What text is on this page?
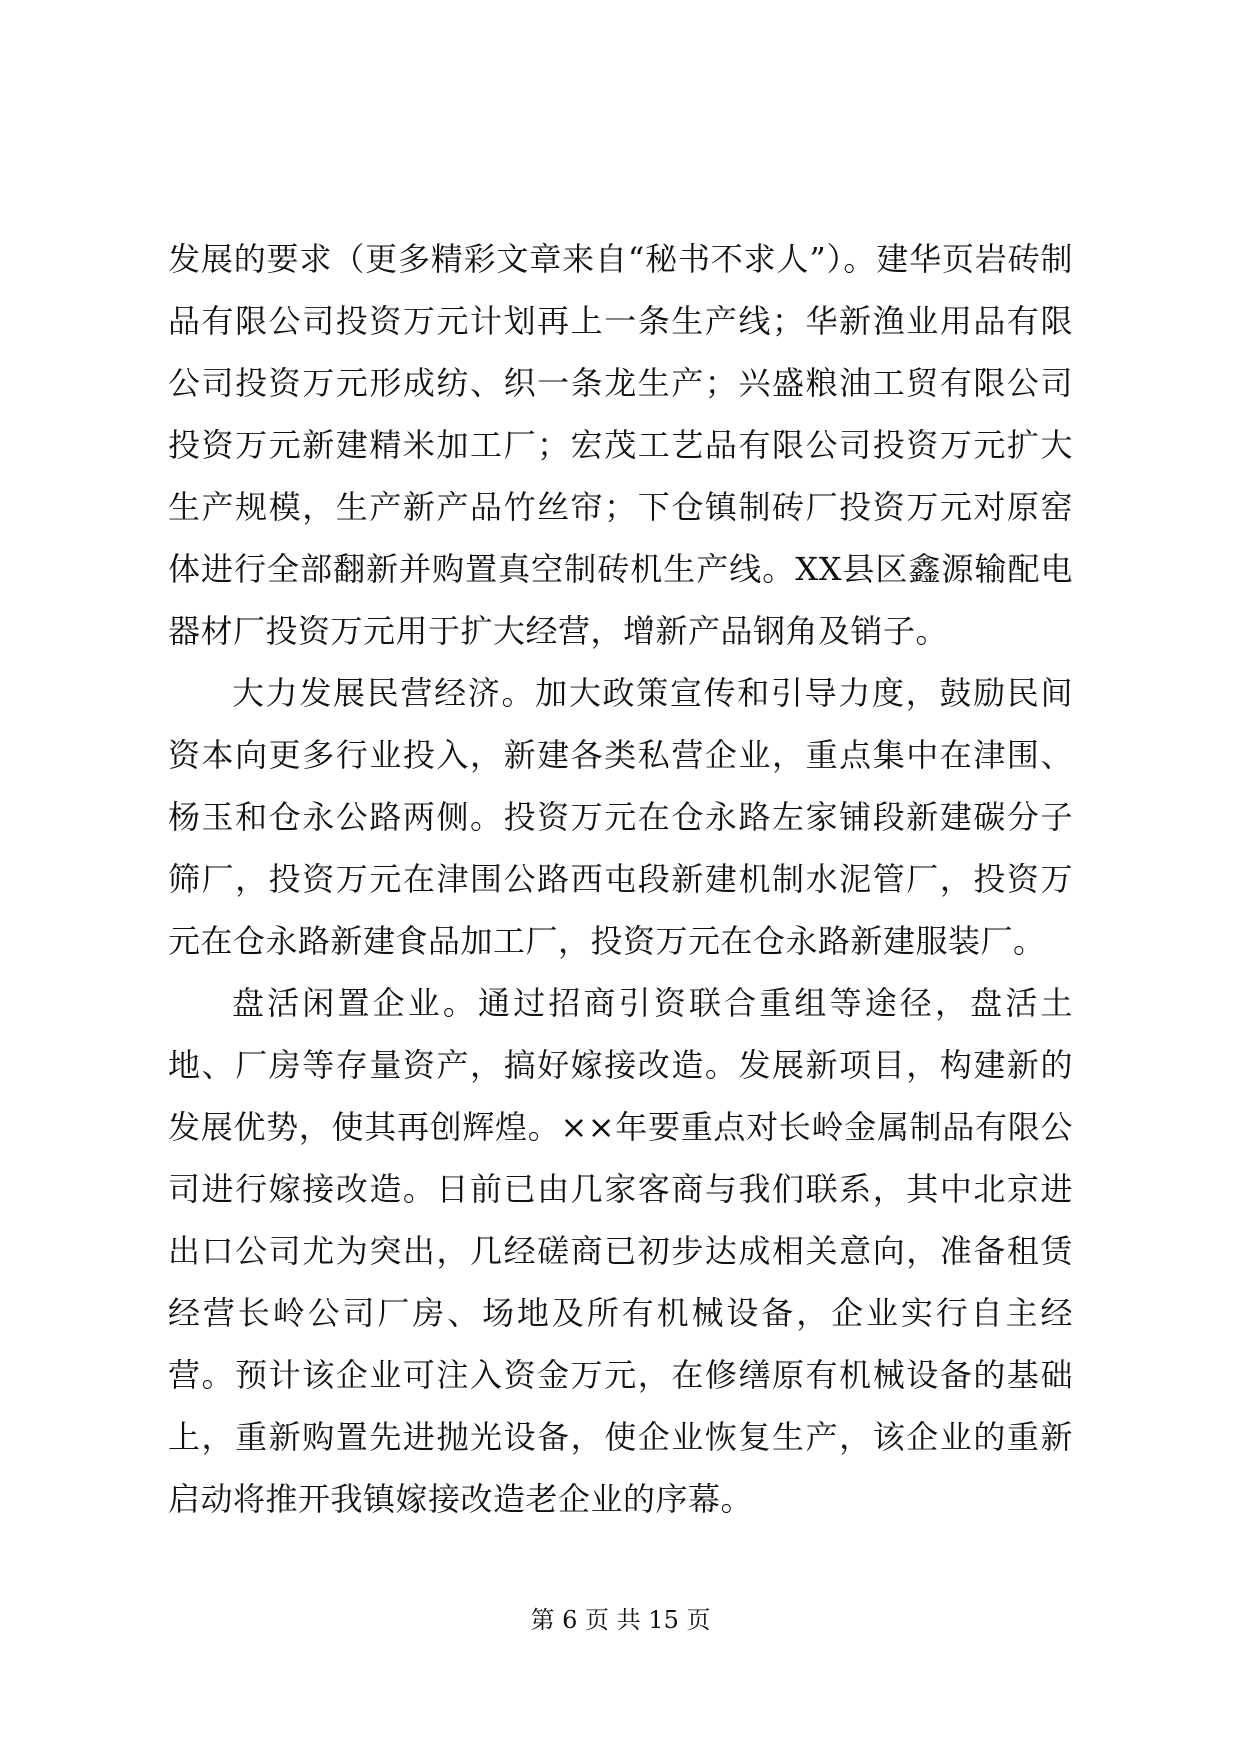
发展的要求（更多精彩文章来自“秘书不求人”）。建华页岩砖制品有限公司投资万元计划再上一条生产线；华新渔业用品有限公司投资万元形成纺、织一条龙生产；兴盛粮油工贸有限公司投资万元新建精米加工厂；宏茂工艺品有限公司投资万元扩大生产规模，生产新产品竹丝帘；下仓镇制砖厂投资万元对原窑体进行全部翻新并购置真空制砖机生产线。XX县区鑫源输配电器材厂投资万元用于扩大经营，增新产品钢角及销子。

大力发展民营经济。加大政策宣传和引导力度，鼓励民间资本向更多行业投入，新建各类私营企业，重点集中在津围、杨玉和仓永公路两侧。投资万元在仓永路左家铺段新建碳分子筛厂，投资万元在津围公路西屯段新建机制水泥管厂，投资万元在仓永路新建食品加工厂，投资万元在仓永路新建服装厂。

盘活闲置企业。通过招商引资联合重组等途径，盘活土地、厂房等存量资产，搞好嫁接改造。发展新项目，构建新的发展优势，使其再创辉煌。××年要重点对长岭金属制品有限公司进行嫁接改造。日前已由几家客商与我们联系，其中北京进出口公司尤为突出，几经磋商已初步达成相关意向，准备租赁经营长岭公司厂房、场地及所有机械设备，企业实行自主经营。预计该企业可注入资金万元，在修缮原有机械设备的基础上，重新购置先进抛光设备，使企业恢复生产，该企业的重新启动将推开我镇嫁接改造老企业的序幕。

第 6 页 共 15 页
